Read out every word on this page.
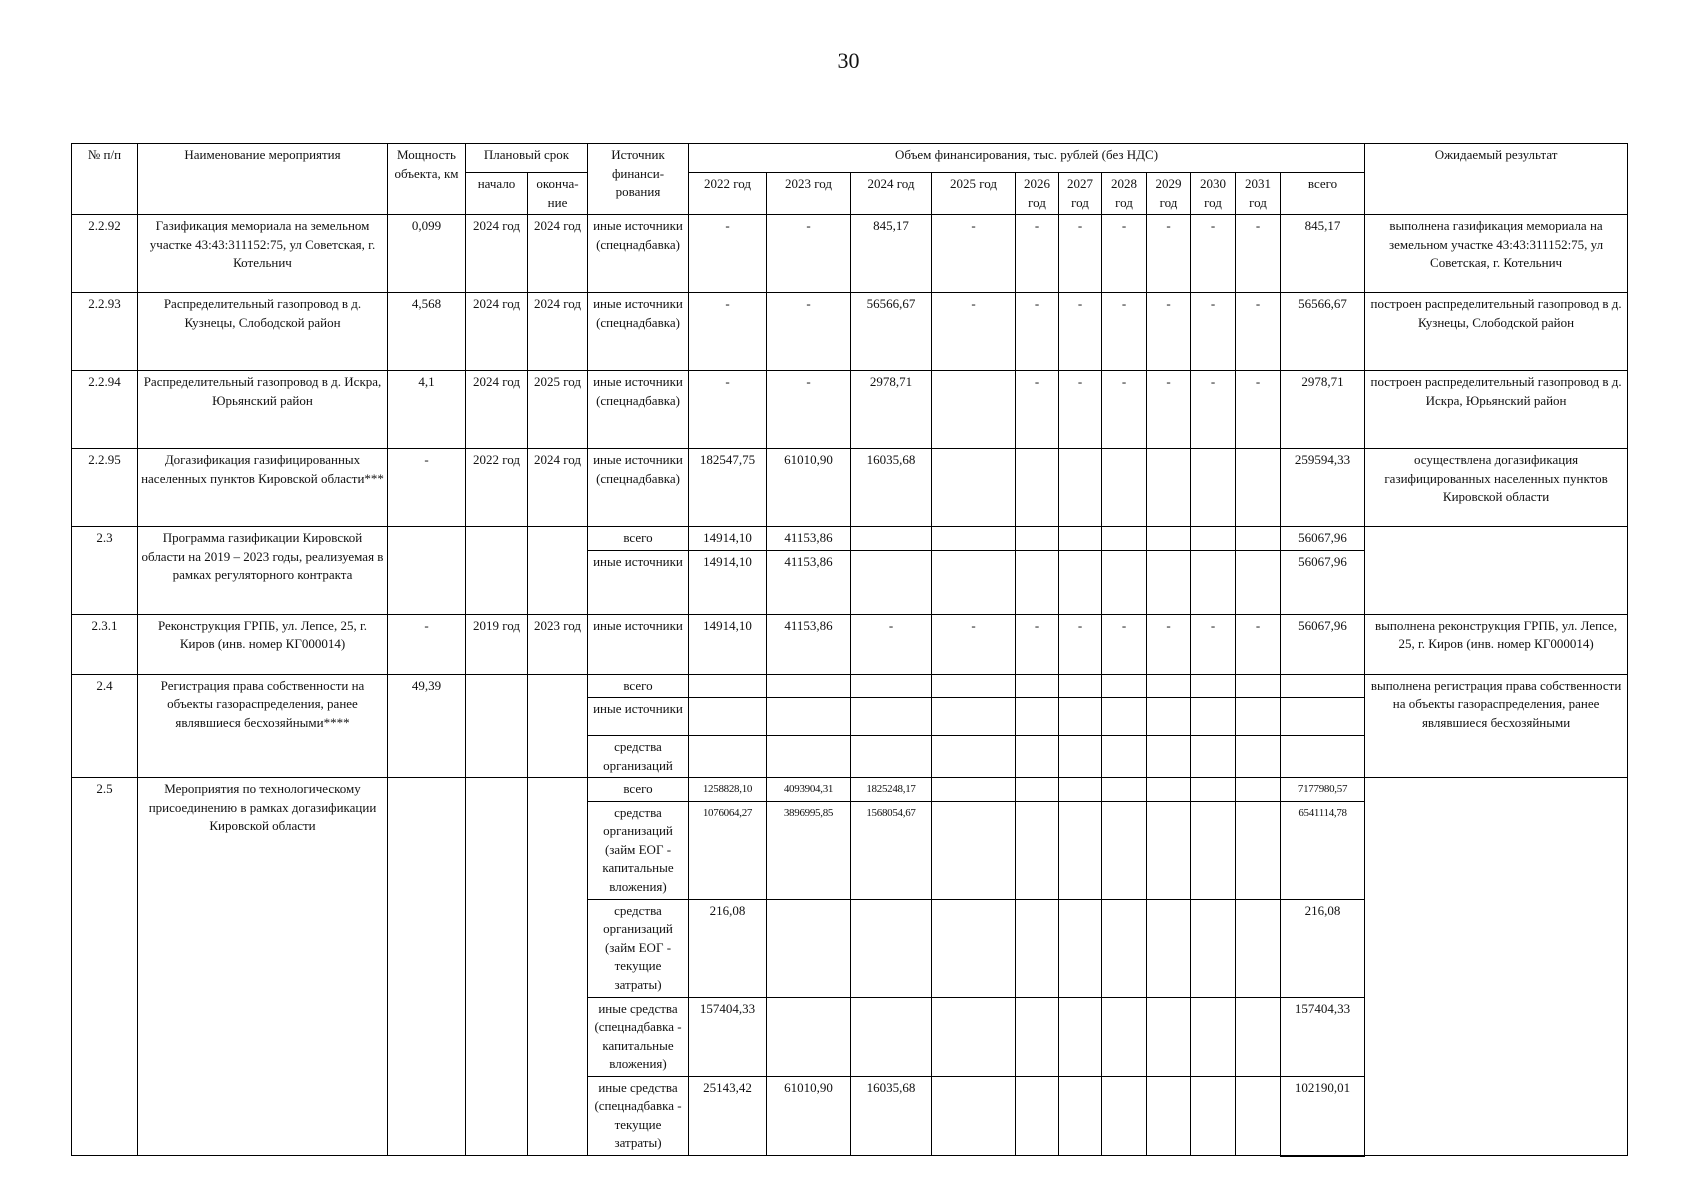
30
№ п/п	Наименование мероприятия	Мощность объекта, км	Плановый срок		Источник финанси-рования	Объем финансирования, тыс. рублей (без НДС)											Ожидаемый результат
			начало	оконча-ние		2022 год	2023 год	2024 год	2025 год	2026 год	2027 год	2028 год	2029 год	2030 год	2031 год	всего	
2.2.92	Газификация мемориала на земельном участке 43:43:311152:75, ул Советская, г. Котельнич	0,099	2024 год	2024 год	иные источники (спецнадбавка)	-	-	845,17	-	-	-	-	-	-	-	845,17	выполнена газификация мемориала на земельном участке 43:43:311152:75, ул Советская, г. Котельнич
2.2.93	Распределительный газопровод в д. Кузнецы, Слободской район	4,568	2024 год	2024 год	иные источники (спецнадбавка)	-	-	56566,67	-	-	-	-	-	-	-	56566,67	построен распределительный газопровод в д. Кузнецы, Слободской район
2.2.94	Распределительный газопровод в д. Искра, Юрьянский район	4,1	2024 год	2025 год	иные источники (спецнадбавка)	-	-	2978,71		-	-	-	-	-	-	2978,71	построен распределительный газопровод в д. Искра, Юрьянский район
2.2.95	Догазификация газифицированных населенных пунктов Кировской области***	-	2022 год	2024 год	иные источники (спецнадбавка)	182547,75	61010,90	16035,68								259594,33	осуществлена догазификация газифицированных населенных пунктов Кировской области
2.3	Программа газификации Кировской области на 2019 – 2023 годы, реализуемая в рамках регуляторного контракта				всего	14914,10	41153,86									56067,96	
					иные источники	14914,10	41153,86									56067,96	
2.3.1	Реконструкция ГРПБ, ул. Лепсе, 25, г. Киров (инв. номер КГ000014)	-	2019 год	2023 год	иные источники	14914,10	41153,86	-	-	-	-	-	-	-	-	56067,96	выполнена реконструкция ГРПБ, ул. Лепсе, 25, г. Киров (инв. номер КГ000014)
2.4	Регистрация права собственности на объекты газораспределения, ранее являвшиеся бесхозяйными****	49,39			всего												выполнена регистрация права собственности на объекты газораспределения, ранее являвшиеся бесхозяйными
					иные источники												
					средства организаций												
2.5	Мероприятия по технологическому присоединению в рамках догазификации Кировской области				всего	1258828,10	4093904,31	1825248,17								7177980,57	
					средства организаций (займ ЕОГ - капитальные вложения)	1076064,27	3896995,85	1568054,67								6541114,78	
					средства организаций (займ ЕОГ - текущие затраты)	216,08										216,08	
					иные средства (спецнадбавка - капитальные вложения)	157404,33										157404,33	
					иные средства (спецнадбавка - текущие затраты)	25143,42	61010,90	16035,68								102190,01	
